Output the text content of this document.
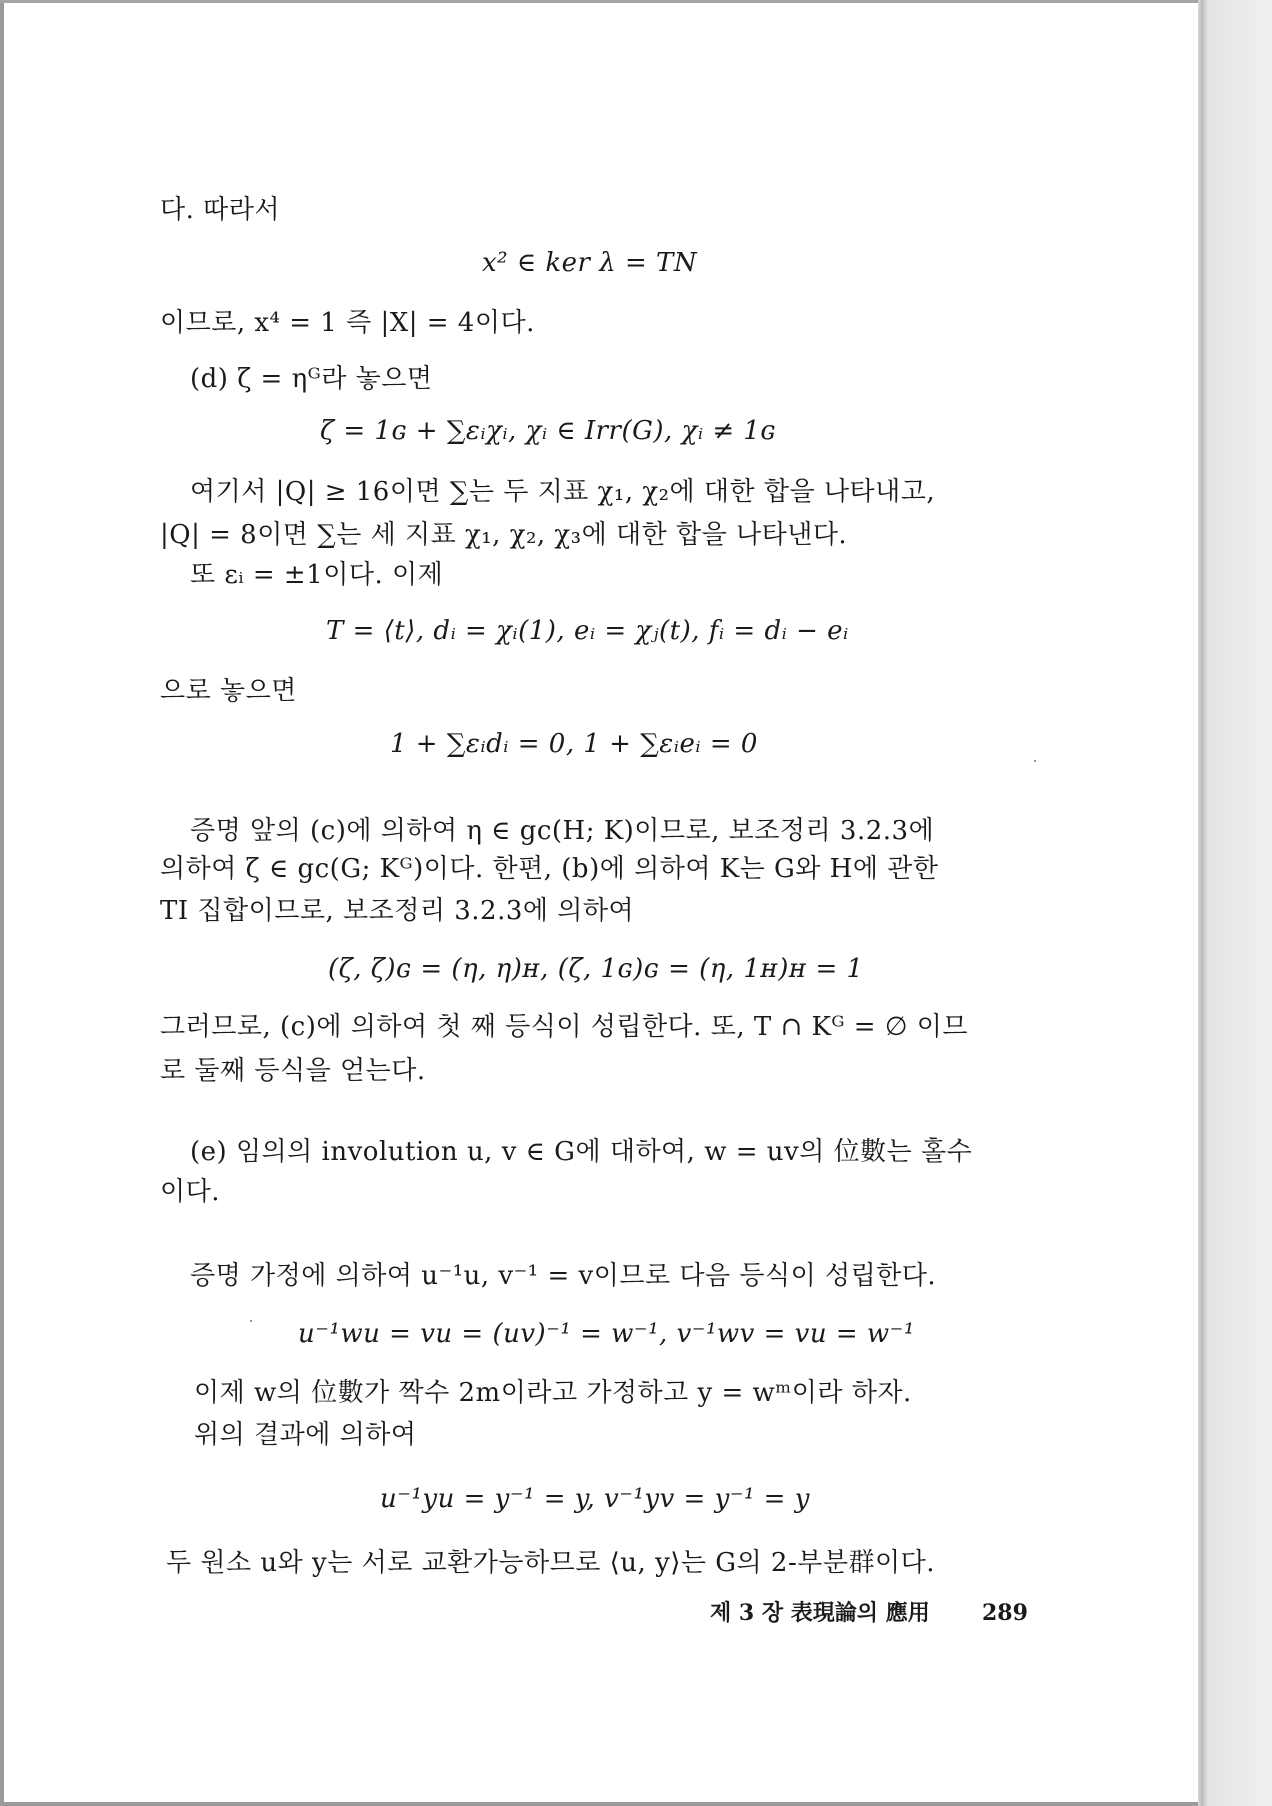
다. 따라서
x² ∈ ker λ = TN
이므로, x⁴ = 1 즉 |X| = 4이다.
(d) ζ = ηᴳ라 놓으면
ζ = 1ɢ + ∑εᵢχᵢ, χᵢ ∈ Irr(G), χᵢ ≠ 1ɢ
여기서 |Q| ≥ 16이면 ∑는 두 지표 χ₁, χ₂에 대한 합을 나타내고,
|Q| = 8이면 ∑는 세 지표 χ₁, χ₂, χ₃에 대한 합을 나타낸다.
또 εᵢ = ±1이다. 이제
T = ⟨t⟩, dᵢ = χᵢ(1), eᵢ = χⱼ(t), fᵢ = dᵢ − eᵢ
으로 놓으면
1 + ∑εᵢdᵢ = 0, 1 + ∑εᵢeᵢ = 0
증명 앞의 (c)에 의하여 η ∈ gc(H; K)이므로, 보조정리 3.2.3에
의하여 ζ ∈ gc(G; Kᴳ)이다. 한편, (b)에 의하여 K는 G와 H에 관한
TI 집합이므로, 보조정리 3.2.3에 의하여
(ζ, ζ)ɢ = (η, η)ʜ, (ζ, 1ɢ)ɢ = (η, 1ʜ)ʜ = 1
그러므로, (c)에 의하여 첫 째 등식이 성립한다. 또, T ∩ Kᴳ = ∅ 이므
로 둘째 등식을 얻는다.
(e) 임의의 involution u, v ∈ G에 대하여, w = uv의 位數는 홀수
이다.
증명 가정에 의하여 u⁻¹u, v⁻¹ = v이므로 다음 등식이 성립한다.
u⁻¹wu = vu = (uv)⁻¹ = w⁻¹, v⁻¹wv = vu = w⁻¹
이제 w의 位數가 짝수 2m이라고 가정하고 y = wᵐ이라 하자.
위의 결과에 의하여
u⁻¹yu = y⁻¹ = y, v⁻¹yv = y⁻¹ = y
두 원소 u와 y는 서로 교환가능하므로 ⟨u, y⟩는 G의 2-부분群이다.
제 3 장 表現論의 應用 289
